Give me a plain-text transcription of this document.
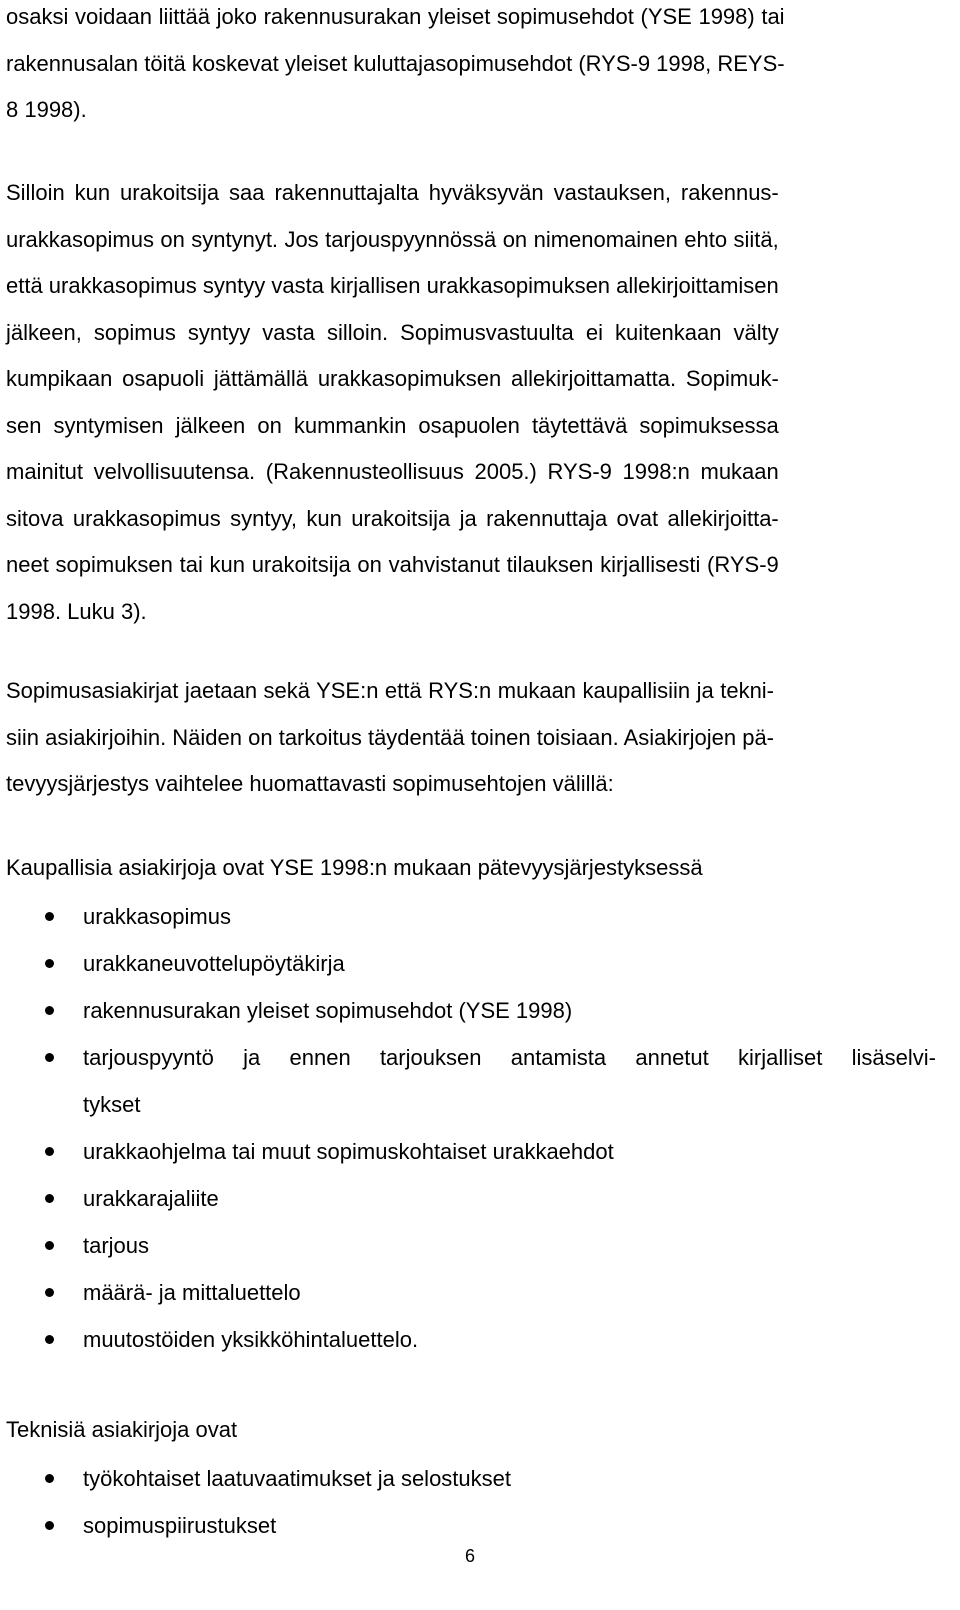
osaksi voidaan liittää joko rakennusurakan yleiset sopimusehdot (YSE 1998) tai
rakennusalan töitä koskevat yleiset kuluttajasopimusehdot (RYS-9 1998, REYS-
8 1998).

Silloin kun urakoitsija saa rakennuttajalta hyväksyvän vastauksen, rakennus-
urakkasopimus on syntynyt. Jos tarjouspyynnössä on nimenomainen ehto siitä,
että urakkasopimus syntyy vasta kirjallisen urakkasopimuksen allekirjoittamisen
jälkeen, sopimus syntyy vasta silloin. Sopimusvastuulta ei kuitenkaan välty
kumpikaan osapuoli jättämällä urakkasopimuksen allekirjoittamatta. Sopimuk-
sen syntymisen jälkeen on kummankin osapuolen täytettävä sopimuksessa
mainitut velvollisuutensa. (Rakennusteollisuus 2005.) RYS-9 1998:n mukaan
sitova urakkasopimus syntyy, kun urakoitsija ja rakennuttaja ovat allekirjoitta-
neet sopimuksen tai kun urakoitsija on vahvistanut tilauksen kirjallisesti (RYS-9
1998. Luku 3).

Sopimusasiakirjat jaetaan sekä YSE:n että RYS:n mukaan kaupallisiin ja tekni-
siin asiakirjoihin. Näiden on tarkoitus täydentää toinen toisiaan. Asiakirjojen pä-
tevyysjärjestys vaihtelee huomattavasti sopimusehtojen välillä:

Kaupallisia asiakirjoja ovat YSE 1998:n mukaan pätevyysjärjestyksessä

urakkasopimus
urakkaneuvottelupöytäkirja
rakennusurakan yleiset sopimusehdot (YSE 1998)
tarjouspyyntö ja ennen tarjouksen antamista annetut kirjalliset lisäselvi-
tykset
urakkaohjelma tai muut sopimuskohtaiset urakkaehdot
urakkarajaliite
tarjous
määrä- ja mittaluettelo
muutostöiden yksikköhintaluettelo.

Teknisiä asiakirjoja ovat

työkohtaiset laatuvaatimukset ja selostukset
sopimuspiirustukset
6
